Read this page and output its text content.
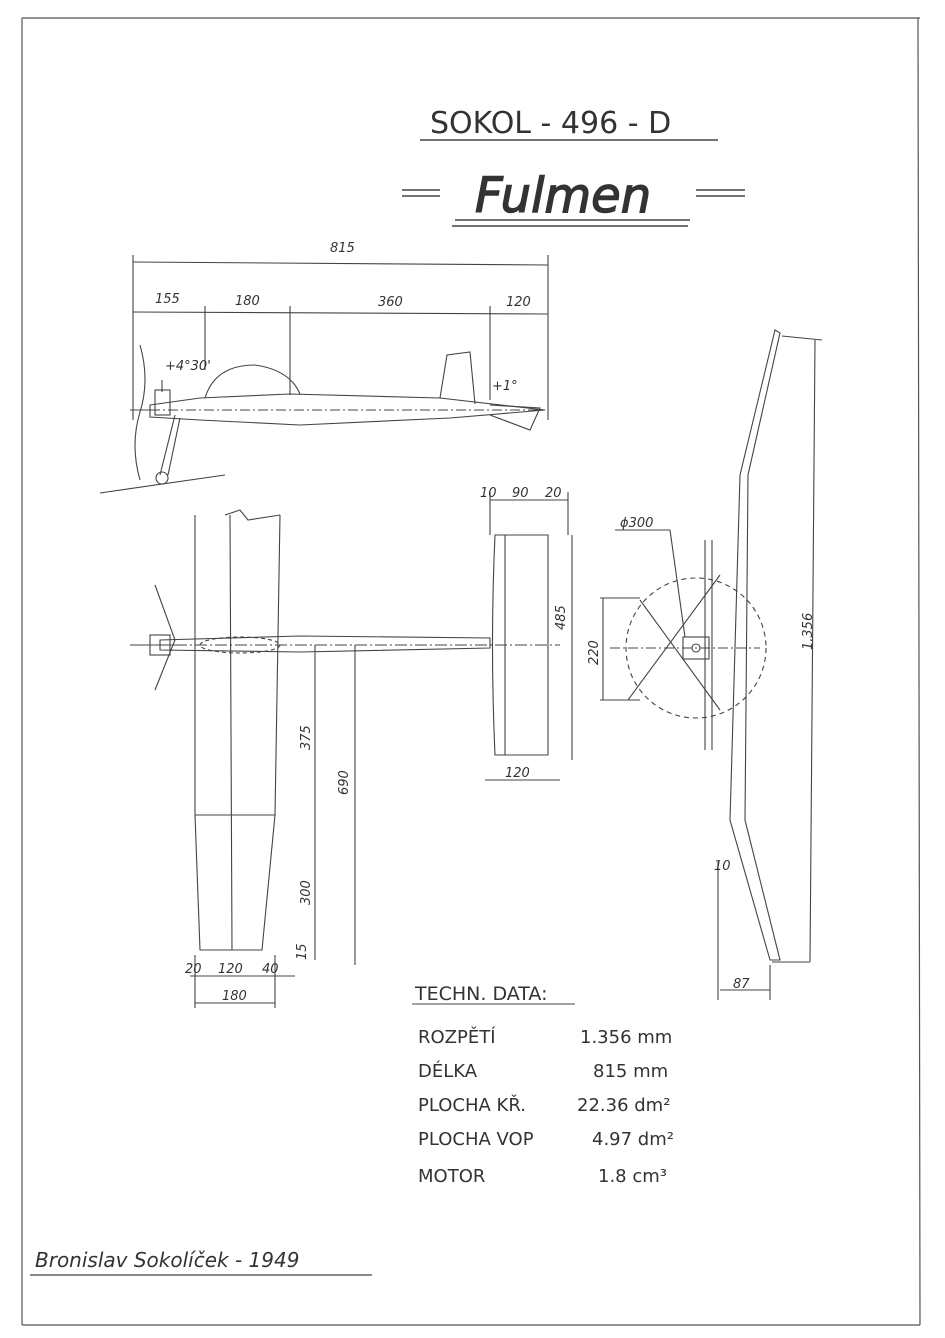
SOKOL - 496 - D
Fulmen
815
155	180	360	120
+4°30'
+1°
10 90 20
485
120
375
690
300
15
20 120 40
180
ɸ300
220
1.356
10
87
TECHN. DATA:
ROZPĚTÍ	1.356 mm
DÉLKA	815 mm
PLOCHA KŘ.	22.36 dm²
PLOCHA VOP	4.97 dm²
MOTOR	1.8 cm³
Bronislav Sokolíček - 1949
